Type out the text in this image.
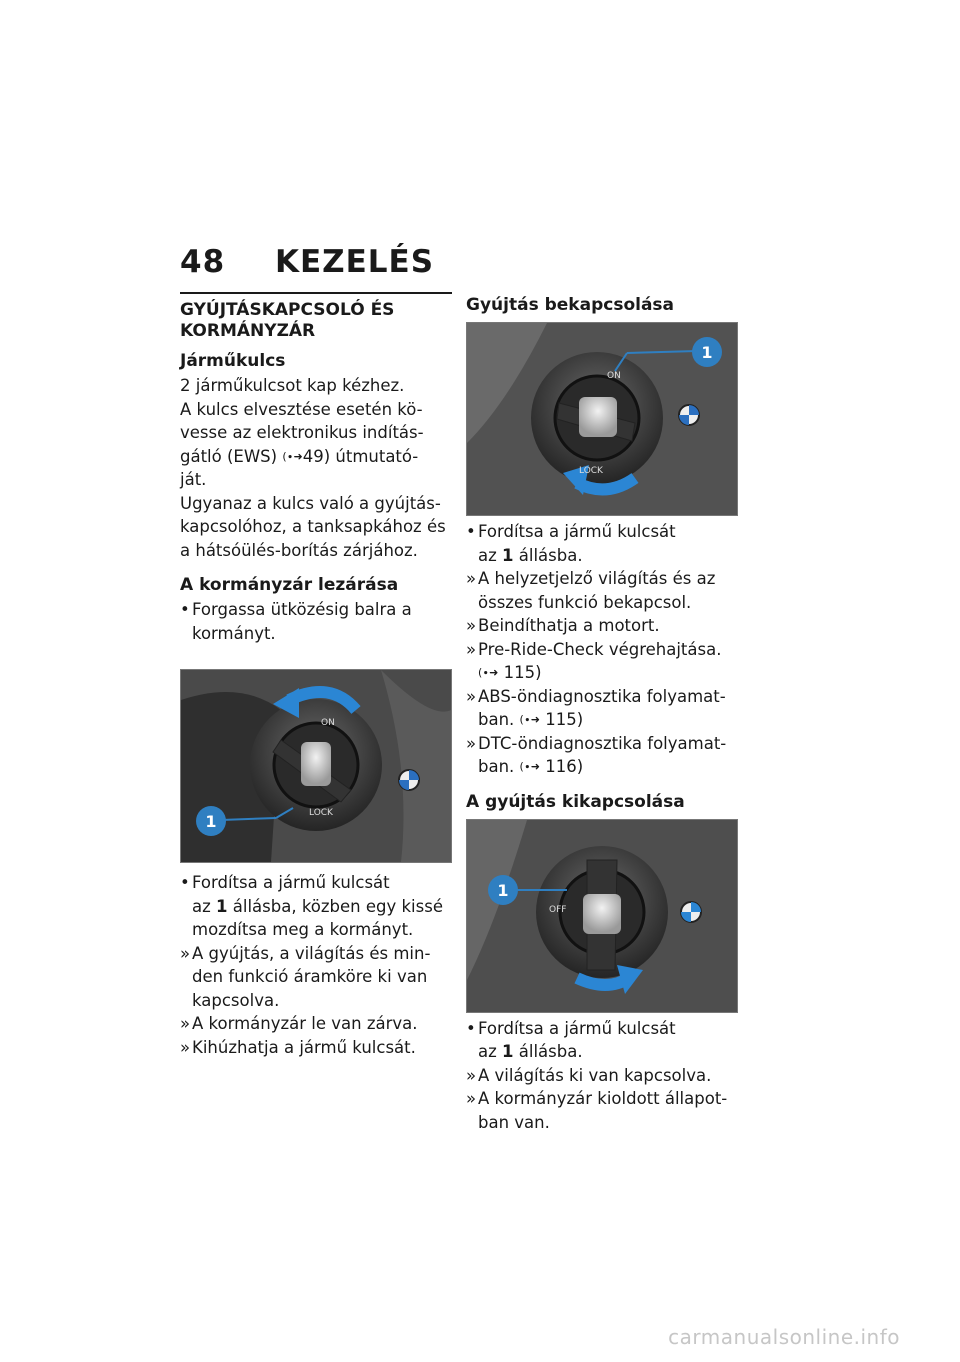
48 KEZELÉS
GYÚJTÁSKAPCSOLÓ ÉS
KORMÁNYZÁR
Járműkulcs
2 járműkulcsot kap kézhez.
A kulcs elvesztése esetén kö-
vesse az elektronikus indítás-
gátló (EWS) (∙➜49) útmutató-
ját.
Ugyanaz a kulcs való a gyújtás-
kapcsolóhoz, a tanksapkához és
a hátsóülés-borítás zárjához.
A kormányzár lezárása
• Forgassa ütközésig balra a
kormányt.
ON
LOCK
1
• Fordítsa a jármű kulcsát
az 1 állásba, közben egy kissé
mozdítsa meg a kormányt.
» A gyújtás, a világítás és min-
den funkció áramköre ki van
kapcsolva.
» A kormányzár le van zárva.
» Kihúzhatja a jármű kulcsát.
Gyújtás bekapcsolása
ON
LOCK
1
• Fordítsa a jármű kulcsát
az 1 állásba.
» A helyzetjelző világítás és az
összes funkció bekapcsol.
» Beindíthatja a motort.
» Pre-Ride-Check végrehajtása.
(∙➜ 115)
» ABS-öndiagnosztika folyamat-
ban. (∙➜ 115)
» DTC-öndiagnosztika folyamat-
ban. (∙➜ 116)
A gyújtás kikapcsolása
OFF
1
• Fordítsa a jármű kulcsát
az 1 állásba.
» A világítás ki van kapcsolva.
» A kormányzár kioldott állapot-
ban van.
carmanualsonline.info
